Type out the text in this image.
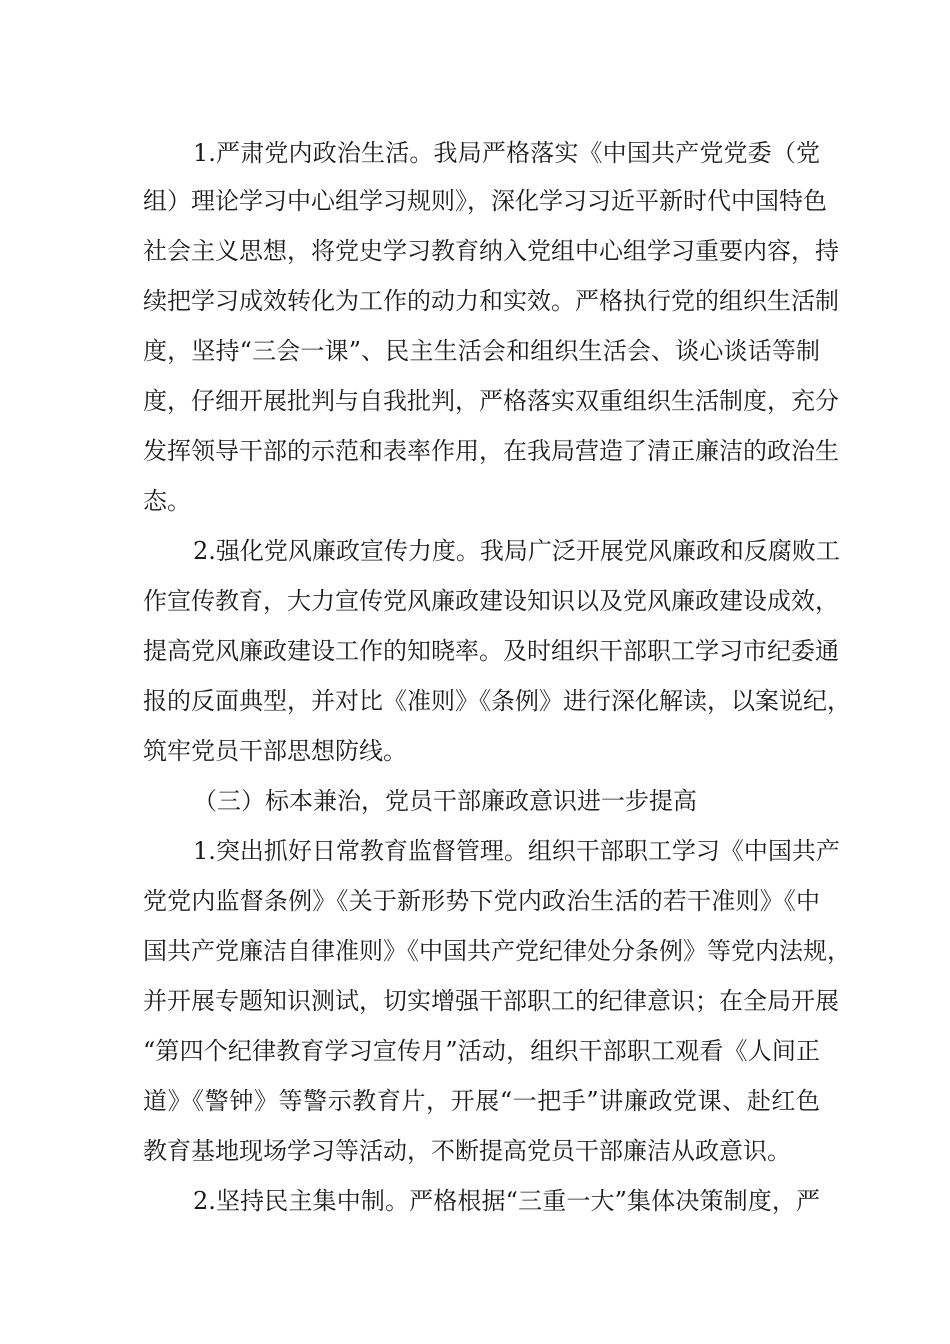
1.严肃党内政治生活。我局严格落实《中国共产党党委（党
组）理论学习中心组学习规则》，深化学习习近平新时代中国特色
社会主义思想，将党史学习教育纳入党组中心组学习重要内容，持
续把学习成效转化为工作的动力和实效。严格执行党的组织生活制
度，坚持“三会一课”、民主生活会和组织生活会、谈心谈话等制
度，仔细开展批判与自我批判，严格落实双重组织生活制度，充分
发挥领导干部的示范和表率作用，在我局营造了清正廉洁的政治生
态。
2.强化党风廉政宣传力度。我局广泛开展党风廉政和反腐败工
作宣传教育，大力宣传党风廉政建设知识以及党风廉政建设成效，
提高党风廉政建设工作的知晓率。及时组织干部职工学习市纪委通
报的反面典型，并对比《准则》《条例》进行深化解读，以案说纪，
筑牢党员干部思想防线。
（三）标本兼治，党员干部廉政意识进一步提高
1.突出抓好日常教育监督管理。组织干部职工学习《中国共产
党党内监督条例》《关于新形势下党内政治生活的若干准则》《中
国共产党廉洁自律准则》《中国共产党纪律处分条例》等党内法规，
并开展专题知识测试，切实增强干部职工的纪律意识；在全局开展
“第四个纪律教育学习宣传月”活动，组织干部职工观看《人间正
道》《警钟》等警示教育片，开展“一把手”讲廉政党课、赴红色
教育基地现场学习等活动，不断提高党员干部廉洁从政意识。
2.坚持民主集中制。严格根据“三重一大”集体决策制度，严
